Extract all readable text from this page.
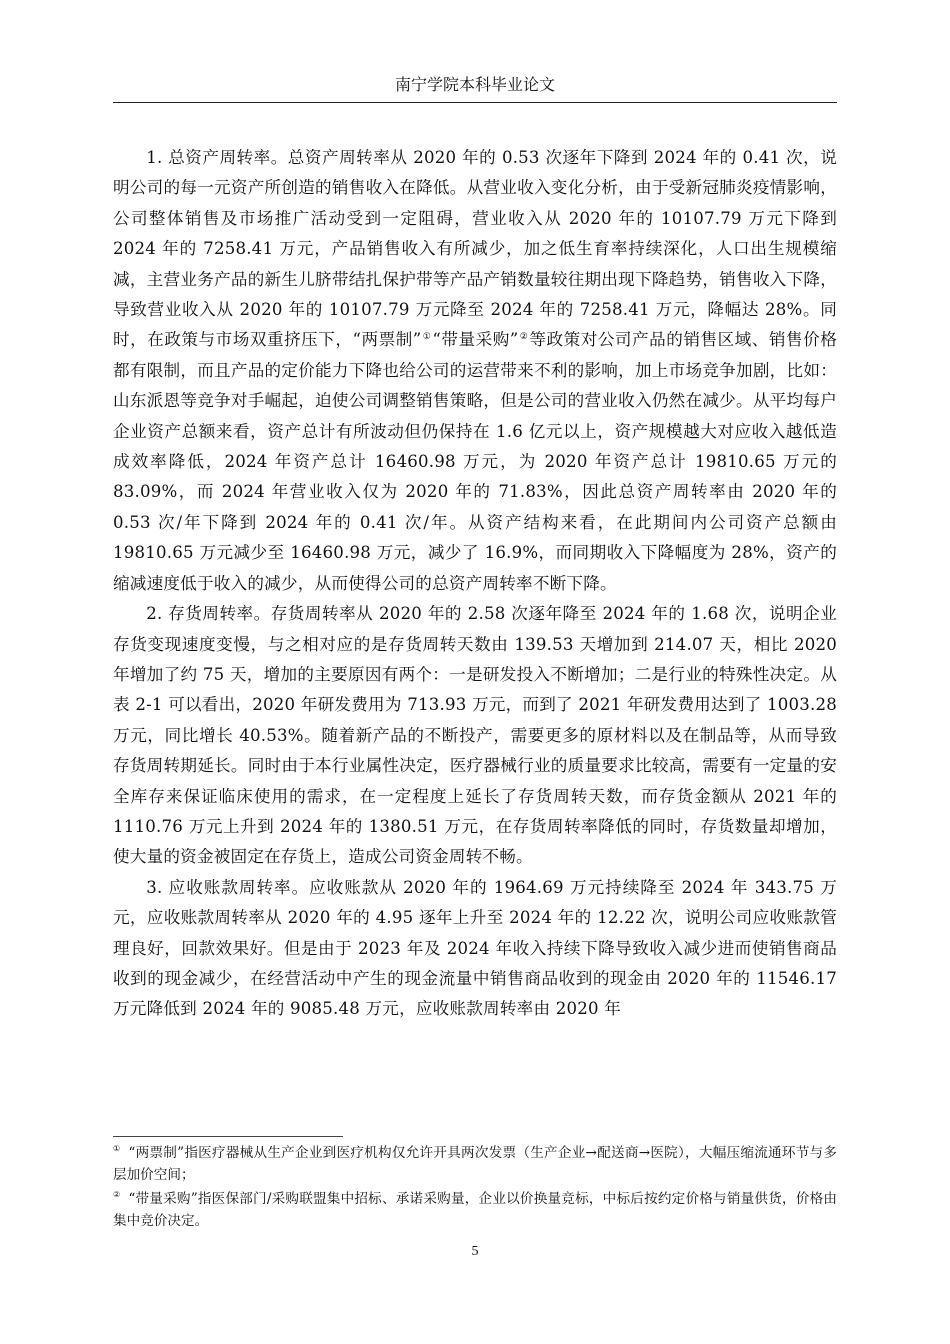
南宁学院本科毕业论文

1. 总资产周转率。总资产周转率从 2020 年的 0.53 次逐年下降到 2024 年的 0.41 次，说明公司的每一元资产所创造的销售收入在降低。从营业收入变化分析，由于受新冠肺炎疫情影响，公司整体销售及市场推广活动受到一定阻碍，营业收入从 2020 年的 10107.79 万元下降到 2024 年的 7258.41 万元，产品销售收入有所减少，加之低生育率持续深化，人口出生规模缩减，主营业务产品的新生儿脐带结扎保护带等产品产销数量较往期出现下降趋势，销售收入下降，导致营业收入从 2020 年的 10107.79 万元降至 2024 年的 7258.41 万元，降幅达 28%。同时，在政策与市场双重挤压下，“两票制”①“带量采购”②等政策对公司产品的销售区域、销售价格都有限制，而且产品的定价能力下降也给公司的运营带来不利的影响，加上市场竞争加剧，比如：山东派恩等竞争对手崛起，迫使公司调整销售策略，但是公司的营业收入仍然在减少。从平均每户企业资产总额来看，资产总计有所波动但仍保持在 1.6 亿元以上，资产规模越大对应收入越低造成效率降低，2024 年资产总计 16460.98 万元，为 2020 年资产总计 19810.65 万元的 83.09%，而 2024 年营业收入仅为 2020 年的 71.83%，因此总资产周转率由 2020 年的 0.53 次/年下降到 2024 年的 0.41 次/年。从资产结构来看，在此期间内公司资产总额由 19810.65 万元减少至 16460.98 万元，减少了 16.9%，而同期收入下降幅度为 28%，资产的缩减速度低于收入的减少，从而使得公司的总资产周转率不断下降。

2. 存货周转率。存货周转率从 2020 年的 2.58 次逐年降至 2024 年的 1.68 次，说明企业存货变现速度变慢，与之相对应的是存货周转天数由 139.53 天增加到 214.07 天，相比 2020 年增加了约 75 天，增加的主要原因有两个：一是研发投入不断增加；二是行业的特殊性决定。从表 2-1 可以看出，2020 年研发费用为 713.93 万元，而到了 2021 年研发费用达到了 1003.28 万元，同比增长 40.53%。随着新产品的不断投产，需要更多的原材料以及在制品等，从而导致存货周转期延长。同时由于本行业属性决定，医疗器械行业的质量要求比较高，需要有一定量的安全库存来保证临床使用的需求，在一定程度上延长了存货周转天数，而存货金额从 2021 年的 1110.76 万元上升到 2024 年的 1380.51 万元，在存货周转率降低的同时，存货数量却增加，使大量的资金被固定在存货上，造成公司资金周转不畅。

3. 应收账款周转率。应收账款从 2020 年的 1964.69 万元持续降至 2024 年 343.75 万元，应收账款周转率从 2020 年的 4.95 逐年上升至 2024 年的 12.22 次，说明公司应收账款管理良好，回款效果好。但是由于 2023 年及 2024 年收入持续下降导致收入减少进而使销售商品收到的现金减少，在经营活动中产生的现金流量中销售商品收到的现金由 2020 年的 11546.17 万元降低到 2024 年的 9085.48 万元，应收账款周转率由 2020 年

① “两票制”指医疗器械从生产企业到医疗机构仅允许开具两次发票（生产企业→配送商→医院），大幅压缩流通环节与多层加价空间；

② “带量采购”指医保部门/采购联盟集中招标、承诺采购量，企业以价换量竞标，中标后按约定价格与销量供货，价格由集中竞价决定。

5
